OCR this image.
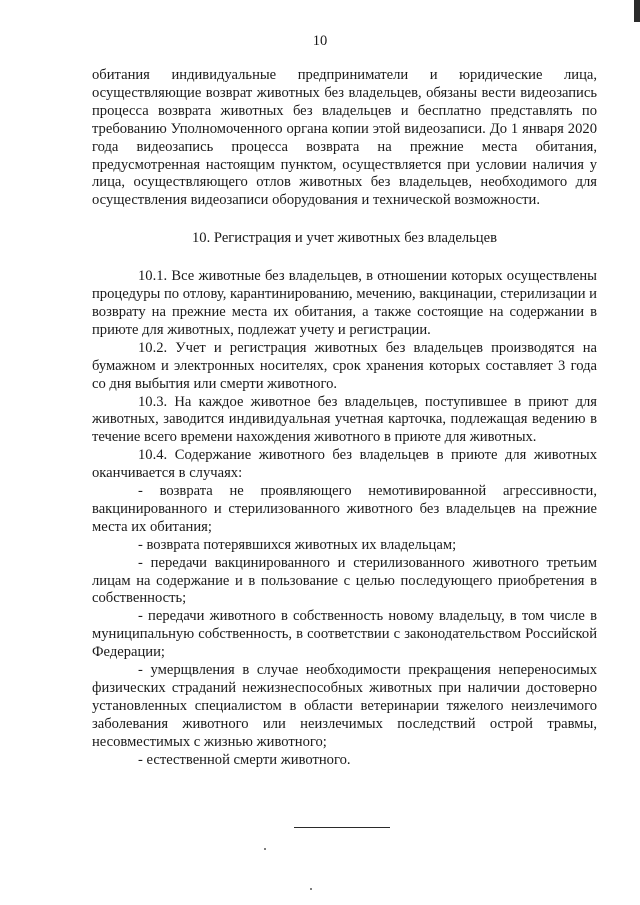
10

обитания индивидуальные предприниматели и юридические лица, осуществляющие возврат животных без владельцев, обязаны вести видеозапись процесса возврата животных без владельцев и бесплатно представлять по требованию Уполномоченного органа копии этой видеозаписи. До 1 января 2020 года видеозапись процесса возврата на прежние места обитания, предусмотренная настоящим пунктом, осуществляется при условии наличия у лица, осуществляющего отлов животных без владельцев, необходимого для осуществления видеозаписи оборудования и технической возможности.

10. Регистрация и учет животных без владельцев

10.1. Все животные без владельцев, в отношении которых осуществлены процедуры по отлову, карантинированию, мечению, вакцинации, стерилизации и возврату на прежние места их обитания, а также состоящие на содержании в приюте для животных, подлежат учету и регистрации.

10.2. Учет и регистрация животных без владельцев производятся на бумажном и электронных носителях, срок хранения которых составляет 3 года со дня выбытия или смерти животного.

10.3. На каждое животное без владельцев, поступившее в приют для животных, заводится индивидуальная учетная карточка, подлежащая ведению в течение всего времени нахождения животного в приюте для животных.

10.4. Содержание животного без владельцев в приюте для животных оканчивается в случаях:

- возврата не проявляющего немотивированной агрессивности, вакцинированного и стерилизованного животного без владельцев на прежние места их обитания;

- возврата потерявшихся животных их владельцам;

- передачи вакцинированного и стерилизованного животного третьим лицам на содержание и в пользование с целью последующего приобретения в собственность;

- передачи животного в собственность новому владельцу, в том числе в муниципальную собственность, в соответствии с законодательством Российской Федерации;

- умерщвления в случае необходимости прекращения непереносимых физических страданий нежизнеспособных животных при наличии достоверно установленных специалистом в области ветеринарии тяжелого неизлечимого заболевания животного или неизлечимых последствий острой травмы, несовместимых с жизнью животного;

- естественной смерти животного.
